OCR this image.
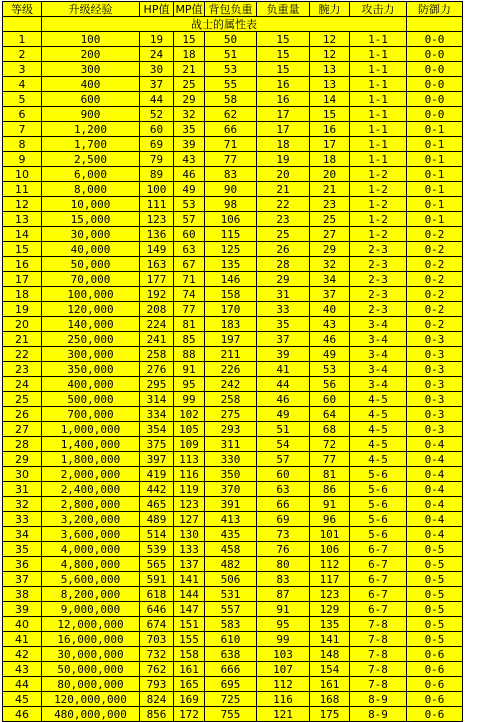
等级	升级经验	HP值	MP值	背包负重	负重量	腕力	攻击力	防御力
	战士的属性表							
1	100	19	15	50	15	12	1-1	0-0
2	200	24	18	51	15	12	1-1	0-0
3	300	30	21	53	15	13	1-1	0-0
4	400	37	25	55	16	13	1-1	0-0
5	600	44	29	58	16	14	1-1	0-0
6	900	52	32	62	17	15	1-1	0-0
7	1,200	60	35	66	17	16	1-1	0-1
8	1,700	69	39	71	18	17	1-1	0-1
9	2,500	79	43	77	19	18	1-1	0-1
10	6,000	89	46	83	20	20	1-2	0-1
11	8,000	100	49	90	21	21	1-2	0-1
12	10,000	111	53	98	22	23	1-2	0-1
13	15,000	123	57	106	23	25	1-2	0-1
14	30,000	136	60	115	25	27	1-2	0-2
15	40,000	149	63	125	26	29	2-3	0-2
16	50,000	163	67	135	28	32	2-3	0-2
17	70,000	177	71	146	29	34	2-3	0-2
18	100,000	192	74	158	31	37	2-3	0-2
19	120,000	208	77	170	33	40	2-3	0-2
20	140,000	224	81	183	35	43	3-4	0-2
21	250,000	241	85	197	37	46	3-4	0-3
22	300,000	258	88	211	39	49	3-4	0-3
23	350,000	276	91	226	41	53	3-4	0-3
24	400,000	295	95	242	44	56	3-4	0-3
25	500,000	314	99	258	46	60	4-5	0-3
26	700,000	334	102	275	49	64	4-5	0-3
27	1,000,000	354	105	293	51	68	4-5	0-3
28	1,400,000	375	109	311	54	72	4-5	0-4
29	1,800,000	397	113	330	57	77	4-5	0-4
30	2,000,000	419	116	350	60	81	5-6	0-4
31	2,400,000	442	119	370	63	86	5-6	0-4
32	2,800,000	465	123	391	66	91	5-6	0-4
33	3,200,000	489	127	413	69	96	5-6	0-4
34	3,600,000	514	130	435	73	101	5-6	0-4
35	4,000,000	539	133	458	76	106	6-7	0-5
36	4,800,000	565	137	482	80	112	6-7	0-5
37	5,600,000	591	141	506	83	117	6-7	0-5
38	8,200,000	618	144	531	87	123	6-7	0-5
39	9,000,000	646	147	557	91	129	6-7	0-5
40	12,000,000	674	151	583	95	135	7-8	0-5
41	16,000,000	703	155	610	99	141	7-8	0-5
42	30,000,000	732	158	638	103	148	7-8	0-6
43	50,000,000	762	161	666	107	154	7-8	0-6
44	80,000,000	793	165	695	112	161	7-8	0-6
45	120,000,000	824	169	725	116	168	8-9	0-6
46	480,000,000	856	172	755	121	175	8-9	0-6
